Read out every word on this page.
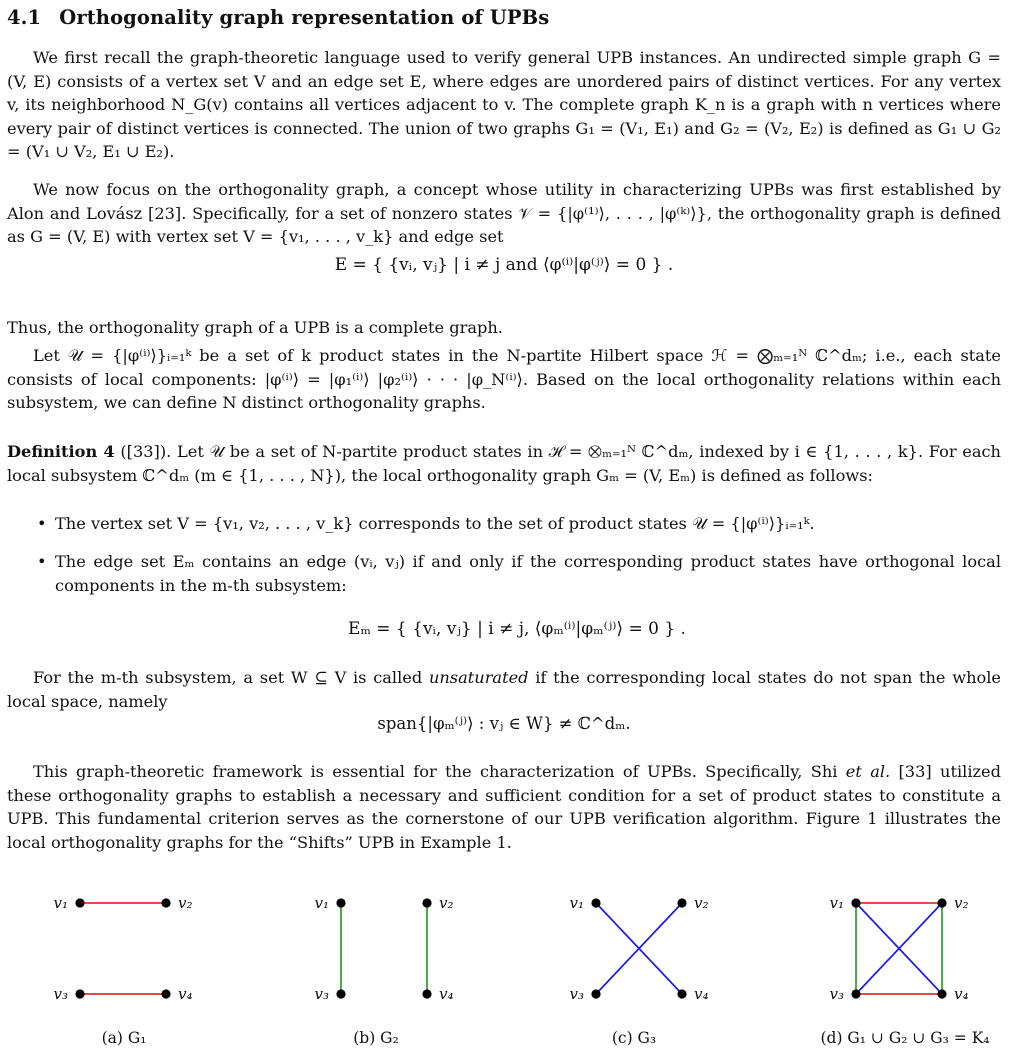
4.1 Orthogonality graph representation of UPBs

We first recall the graph-theoretic language used to verify general UPB instances. An undirected simple graph G = (V, E) consists of a vertex set V and an edge set E, where edges are unordered pairs of distinct vertices. For any vertex v, its neighborhood N_G(v) contains all vertices adjacent to v. The complete graph K_n is a graph with n vertices where every pair of distinct vertices is connected. The union of two graphs G₁ = (V₁, E₁) and G₂ = (V₂, E₂) is defined as G₁ ∪ G₂ = (V₁ ∪ V₂, E₁ ∪ E₂).

We now focus on the orthogonality graph, a concept whose utility in characterizing UPBs was first established by Alon and Lovász [23]. Specifically, for a set of nonzero states 𝒱 = {|φ⁽¹⁾⟩, . . . , |φ⁽ᵏ⁾⟩}, the orthogonality graph is defined as G = (V, E) with vertex set V = {v₁, . . . , v_k} and edge set

E = { {vᵢ, vⱼ} | i ≠ j and ⟨φ⁽ⁱ⁾|φ⁽ʲ⁾⟩ = 0 } .

Thus, the orthogonality graph of a UPB is a complete graph.

Let 𝒰 = {|φ⁽ⁱ⁾⟩}ᵢ₌₁ᵏ be a set of k product states in the N-partite Hilbert space ℋ = ⨂ₘ₌₁ᴺ ℂ^dₘ; i.e., each state consists of local components: |φ⁽ⁱ⁾⟩ = |φ₁⁽ⁱ⁾⟩ |φ₂⁽ⁱ⁾⟩ · · · |φ_N⁽ⁱ⁾⟩. Based on the local orthogonality relations within each subsystem, we can define N distinct orthogonality graphs.

Definition 4 ([33]). Let 𝒰 be a set of N-partite product states in ℋ = ⨂ₘ₌₁ᴺ ℂ^dₘ, indexed by i ∈ {1, . . . , k}. For each local subsystem ℂ^dₘ (m ∈ {1, . . . , N}), the local orthogonality graph Gₘ = (V, Eₘ) is defined as follows:

• The vertex set V = {v₁, v₂, . . . , v_k} corresponds to the set of product states 𝒰 = {|φ⁽ⁱ⁾⟩}ᵢ₌₁ᵏ.
• The edge set Eₘ contains an edge (vᵢ, vⱼ) if and only if the corresponding product states have orthogonal local components in the m-th subsystem:

Eₘ = { {vᵢ, vⱼ} | i ≠ j, ⟨φₘ⁽ⁱ⁾|φₘ⁽ʲ⁾⟩ = 0 } .

For the m-th subsystem, a set W ⊆ V is called unsaturated if the corresponding local states do not span the whole local space, namely

span{|φₘ⁽ʲ⁾⟩ : vⱼ ∈ W} ≠ ℂ^dₘ.

This graph-theoretic framework is essential for the characterization of UPBs. Specifically, Shi et al. [33] utilized these orthogonality graphs to establish a necessary and sufficient condition for a set of product states to constitute a UPB. This fundamental criterion serves as the cornerstone of our UPB verification algorithm. Figure 1 illustrates the local orthogonality graphs for the “Shifts” UPB in Example 1.

v₁	v₂
v₃	v₄
v₁	v₂
v₃	v₄
v₁	v₂
v₃	v₄
v₁	v₂
v₃	v₄
(a) G₁	(b) G₂	(c) G₃	(d) G₁ ∪ G₂ ∪ G₃ = K₄
